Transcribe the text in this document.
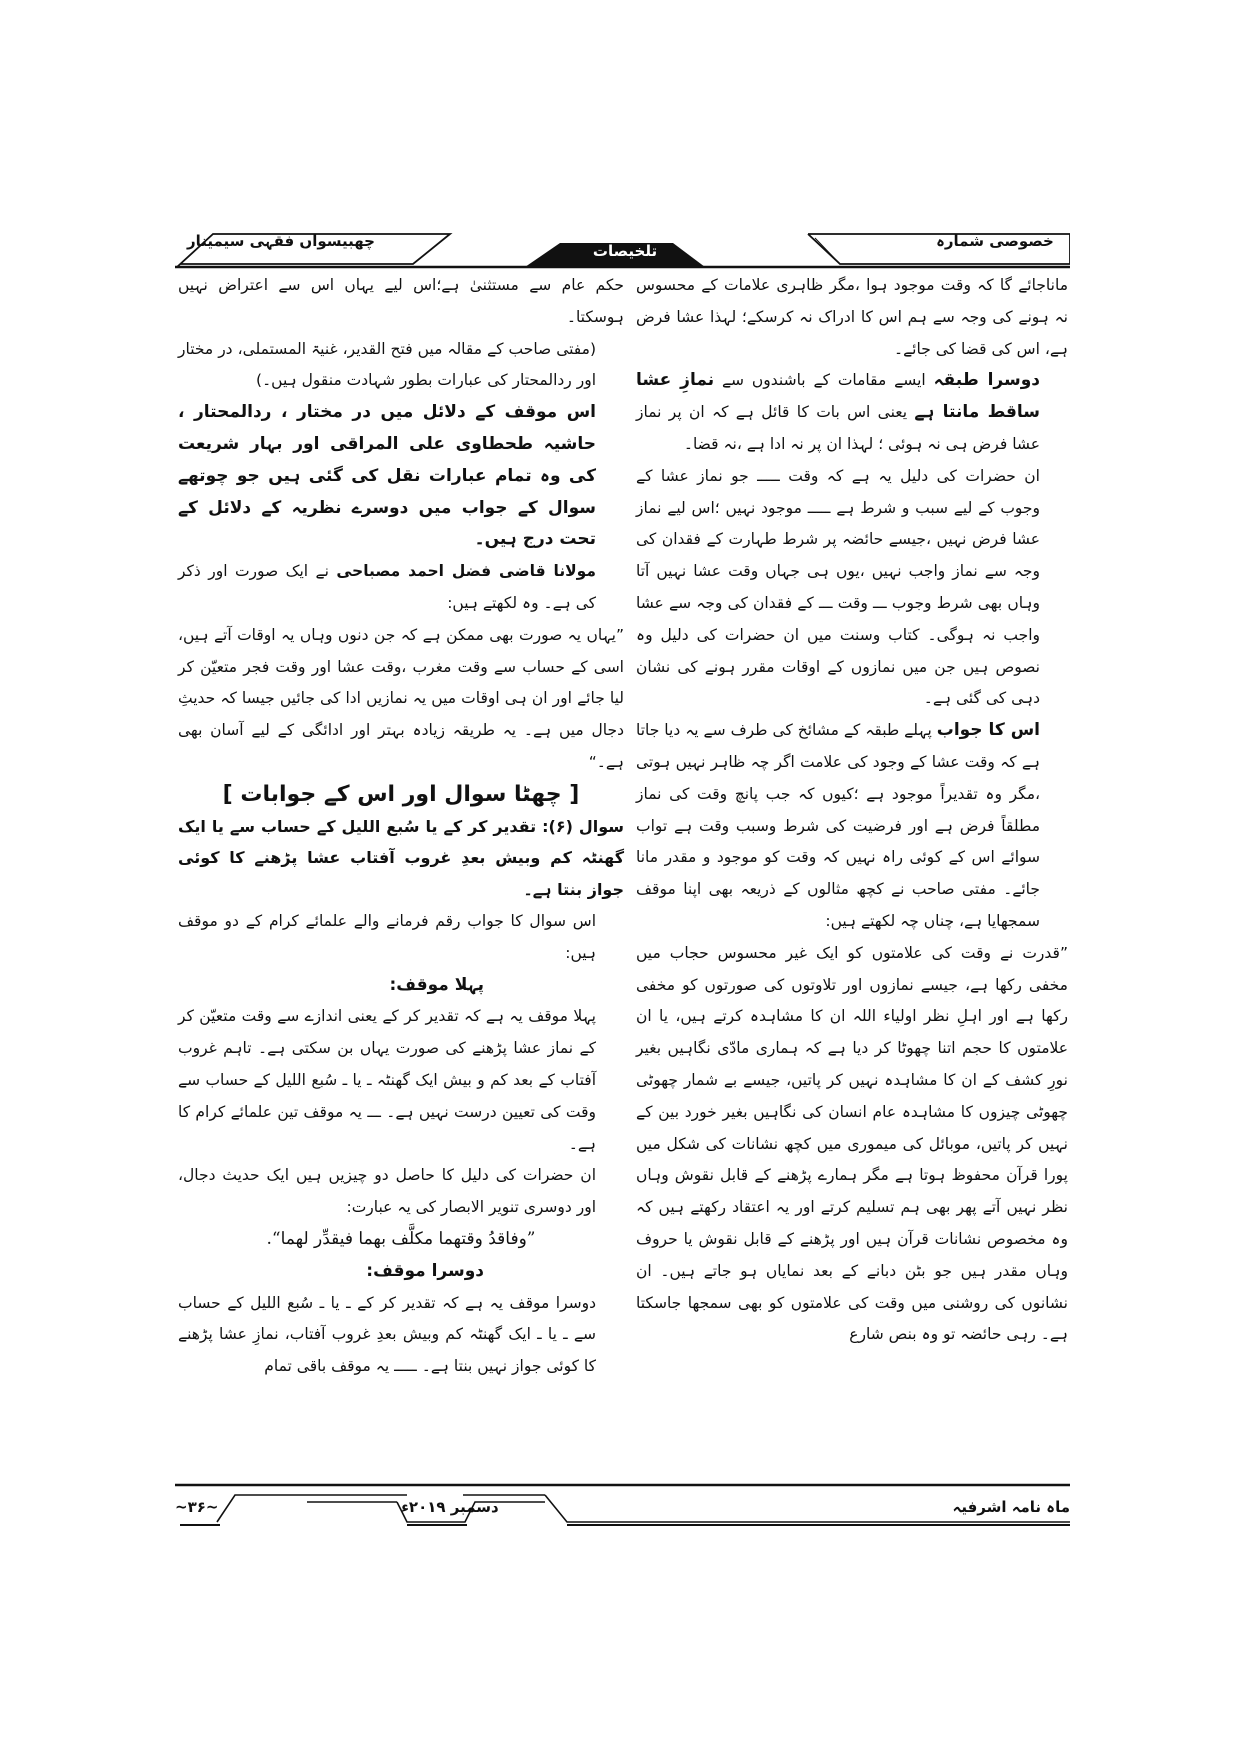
چھبیسواں فقہی سیمینار
تلخیصات
خصوصی شمارہ

ماناجائے گا کہ وقت موجود ہوا ،مگر ظاہری علامات کے محسوس نہ ہونے کی وجہ سے ہم اس کا ادراک نہ کرسکے؛ لہذا عشا فرض ہے، اس کی قضا کی جائے۔

دوسرا طبقہ ایسے مقامات کے باشندوں سے نمازِ عشا ساقط مانتا ہے یعنی اس بات کا قائل ہے کہ ان پر نماز عشا فرض ہی نہ ہوئی ؛ لہذا ان پر نہ ادا ہے ،نہ قضا۔

ان حضرات کی دلیل یہ ہے کہ وقت ـــــ جو نماز عشا کے وجوب کے لیے سبب و شرط ہے ـــــ موجود نہیں ؛اس لیے نماز عشا فرض نہیں ،جیسے حائضہ پر شرط طہارت کے فقدان کی وجہ سے نماز واجب نہیں ،یوں ہی جہاں وقت عشا نہیں آتا وہاں بھی شرط وجوب ـــ وقت ـــ کے فقدان کی وجہ سے عشا واجب نہ ہوگی۔ کتاب وسنت میں ان حضرات کی دلیل وہ نصوص ہیں جن میں نمازوں کے اوقات مقرر ہونے کی نشان دہی کی گئی ہے۔

اس کا جواب پہلے طبقہ کے مشائخ کی طرف سے یہ دیا جاتا ہے کہ وقت عشا کے وجود کی علامت اگر چہ ظاہر نہیں ہوتی ،مگر وہ تقدیراً موجود ہے ؛کیوں کہ جب پانچ وقت کی نماز مطلقاً فرض ہے اور فرضیت کی شرط وسبب وقت ہے تواب سوائے اس کے کوئی راہ نہیں کہ وقت کو موجود و مقدر مانا جائے۔ مفتی صاحب نے کچھ مثالوں کے ذریعہ بھی اپنا موقف سمجھایا ہے، چناں چہ لکھتے ہیں:

”قدرت نے وقت کی علامتوں کو ایک غیر محسوس حجاب میں مخفی رکھا ہے، جیسے نمازوں اور تلاوتوں کی صورتوں کو مخفی رکھا ہے اور اہلِ نظر اولیاء اللہ ان کا مشاہدہ کرتے ہیں، یا ان علامتوں کا حجم اتنا چھوٹا کر دیا ہے کہ ہماری مادّی نگاہیں بغیر نورِ کشف کے ان کا مشاہدہ نہیں کر پاتیں، جیسے بے شمار چھوٹی چھوٹی چیزوں کا مشاہدہ عام انسان کی نگاہیں بغیر خورد بین کے نہیں کر پاتیں، موبائل کی میموری میں کچھ نشانات کی شکل میں پورا قرآن محفوظ ہوتا ہے مگر ہمارے پڑھنے کے قابل نقوش وہاں نظر نہیں آتے پھر بھی ہم تسلیم کرتے اور یہ اعتقاد رکھتے ہیں کہ وہ مخصوص نشانات قرآن ہیں اور پڑھنے کے قابل نقوش یا حروف وہاں مقدر ہیں جو بٹن دبانے کے بعد نمایاں ہو جاتے ہیں۔ ان نشانوں کی روشنی میں وقت کی علامتوں کو بھی سمجھا جاسکتا ہے۔ رہی حائضہ تو وہ بنص شارع

حکم عام سے مستثنیٰ ہے؛اس لیے یہاں اس سے اعتراض نہیں ہوسکتا۔

(مفتی صاحب کے مقالہ میں فتح القدیر، غنیۃ المستملی، در مختار اور ردالمحتار کی عبارات بطور شہادت منقول ہیں۔)

اس موقف کے دلائل میں در مختار ، ردالمحتار ، حاشیہ طحطاوی علی المراقی اور بہار شریعت کی وہ تمام عبارات نقل کی گئی ہیں جو چوتھے سوال کے جواب میں دوسرے نظریہ کے دلائل کے تحت درج ہیں۔

مولانا قاضی فضل احمد مصباحی نے ایک صورت اور ذکر کی ہے۔ وہ لکھتے ہیں:

”یہاں یہ صورت بھی ممکن ہے کہ جن دنوں وہاں یہ اوقات آتے ہیں، اسی کے حساب سے وقت مغرب ،وقت عشا اور وقت فجر متعیّن کر لیا جائے اور ان ہی اوقات میں یہ نمازیں ادا کی جائیں جیسا کہ حدیثِ دجال میں ہے۔ یہ طریقہ زیادہ بہتر اور ادائگی کے لیے آسان بھی ہے۔“

[ چھٹا سوال اور اس کے جوابات ]

سوال (۶): تقدیر کر کے یا سُبع اللیل کے حساب سے یا ایک گھنٹہ کم وبیش بعدِ غروب آفتاب عشا پڑھنے کا کوئی جواز بنتا ہے۔

اس سوال کا جواب رقم فرمانے والے علمائے کرام کے دو موقف ہیں:

پہلا موقف:

پہلا موقف یہ ہے کہ تقدیر کر کے یعنی اندازے سے وقت متعیّن کر کے نماز عشا پڑھنے کی صورت یہاں بن سکتی ہے۔ تاہم غروب آفتاب کے بعد کم و بیش ایک گھنٹہ ـ یا ـ سُبع اللیل کے حساب سے وقت کی تعیین درست نہیں ہے۔ ـــ یہ موقف تین علمائے کرام کا ہے۔

ان حضرات کی دلیل کا حاصل دو چیزیں ہیں ایک حدیث دجال، اور دوسری تنویر الابصار کی یہ عبارت:

”وفاقدُ وقتهما مكلَّف بهما فيقدِّر لهما“.

دوسرا موقف:

دوسرا موقف یہ ہے کہ تقدیر کر کے ـ یا ـ سُبع اللیل کے حساب سے ـ یا ـ ایک گھنٹہ کم وبیش بعدِ غروب آفتاب، نمازِ عشا پڑھنے کا کوئی جواز نہیں بنتا ہے۔ ـــــ یہ موقف باقی تمام

~۳۶~	دسمبر ۲۰۱۹ء	ماہ نامہ اشرفیہ
